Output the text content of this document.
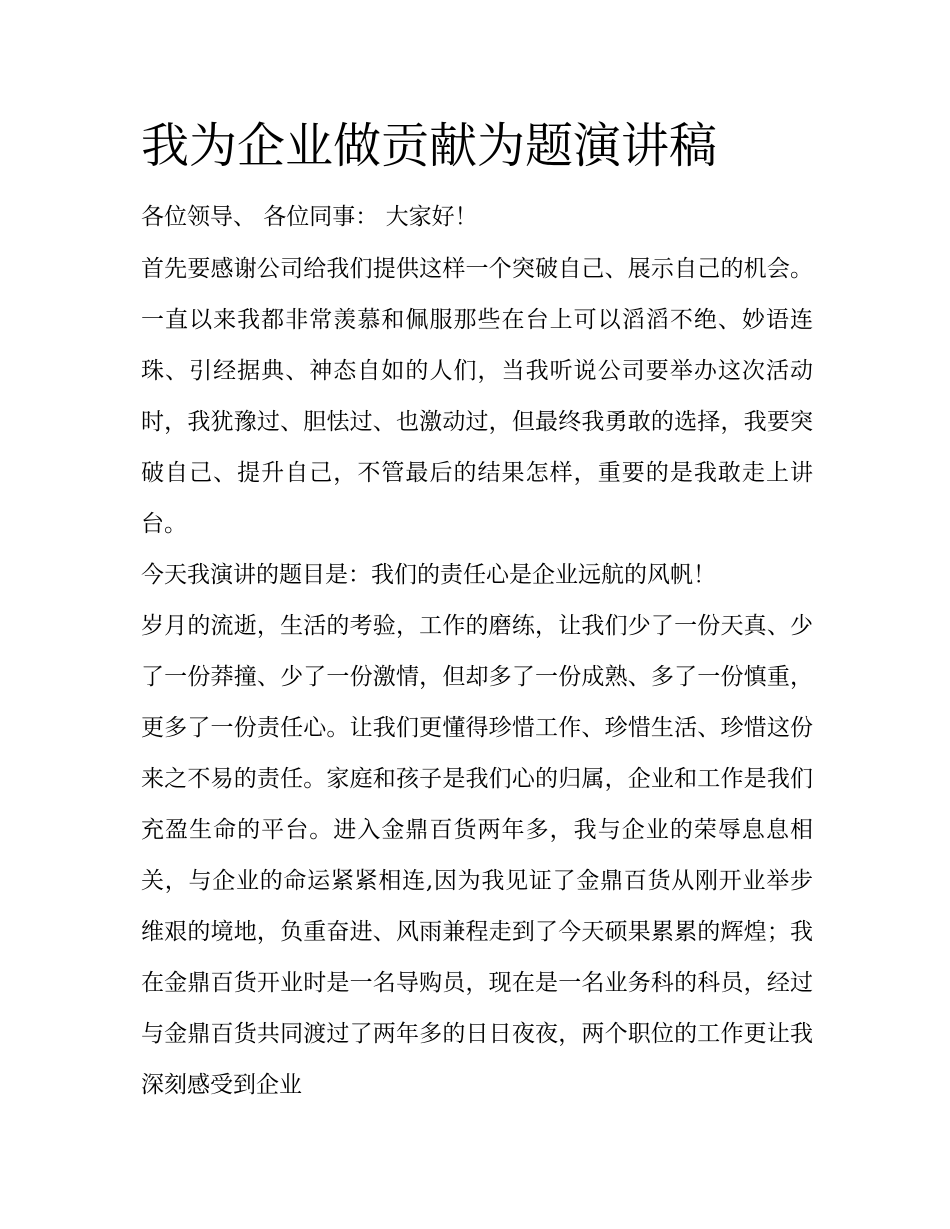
我为企业做贡献为题演讲稿

各位领导、 各位同事： 大家好！

首先要感谢公司给我们提供这样一个突破自己、展示自己的机会。一直以来我都非常羡慕和佩服那些在台上可以滔滔不绝、妙语连珠、引经据典、神态自如的人们，当我听说公司要举办这次活动时，我犹豫过、胆怯过、也激动过，但最终我勇敢的选择，我要突破自己、提升自己，不管最后的结果怎样，重要的是我敢走上讲台。

今天我演讲的题目是：我们的责任心是企业远航的风帆！

岁月的流逝，生活的考验，工作的磨练，让我们少了一份天真、少了一份莽撞、少了一份激情，但却多了一份成熟、多了一份慎重，更多了一份责任心。让我们更懂得珍惜工作、珍惜生活、珍惜这份来之不易的责任。家庭和孩子是我们心的归属，企业和工作是我们充盈生命的平台。进入金鼎百货两年多，我与企业的荣辱息息相关，与企业的命运紧紧相连,因为我见证了金鼎百货从刚开业举步维艰的境地，负重奋进、风雨兼程走到了今天硕果累累的辉煌；我在金鼎百货开业时是一名导购员，现在是一名业务科的科员，经过与金鼎百货共同渡过了两年多的日日夜夜，两个职位的工作更让我深刻感受到企业
